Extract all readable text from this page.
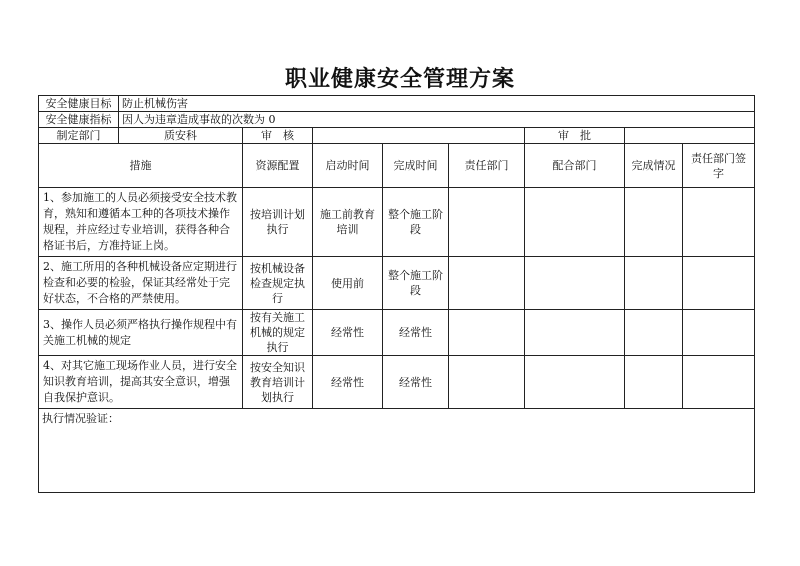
职业健康安全管理方案
安全健康目标	防止机械伤害							
安全健康指标	因人为违章造成事故的次数为 0							
制定部门	质安科	审　核				审　批		
措施		资源配置	启动时间	完成时间	责任部门	配合部门	完成情况	责任部门签字
1、参加施工的人员必须接受安全技术教育，熟知和遵循本工种的各项技术操作规程，并应经过专业培训，获得各种合格证书后，方准持证上岗。		按培训计划执行	施工前教育培训	整个施工阶段				
2、施工所用的各种机械设备应定期进行检查和必要的检验，保证其经常处于完好状态，不合格的严禁使用。		按机械设备检查规定执行	使用前	整个施工阶段				
3、操作人员必须严格执行操作规程中有关施工机械的规定		按有关施工机械的规定执行	经常性	经常性				
4、对其它施工现场作业人员，进行安全知识教育培训，提高其安全意识，增强自我保护意识。		按安全知识教育培训计划执行	经常性	经常性				
执行情况验证：								
